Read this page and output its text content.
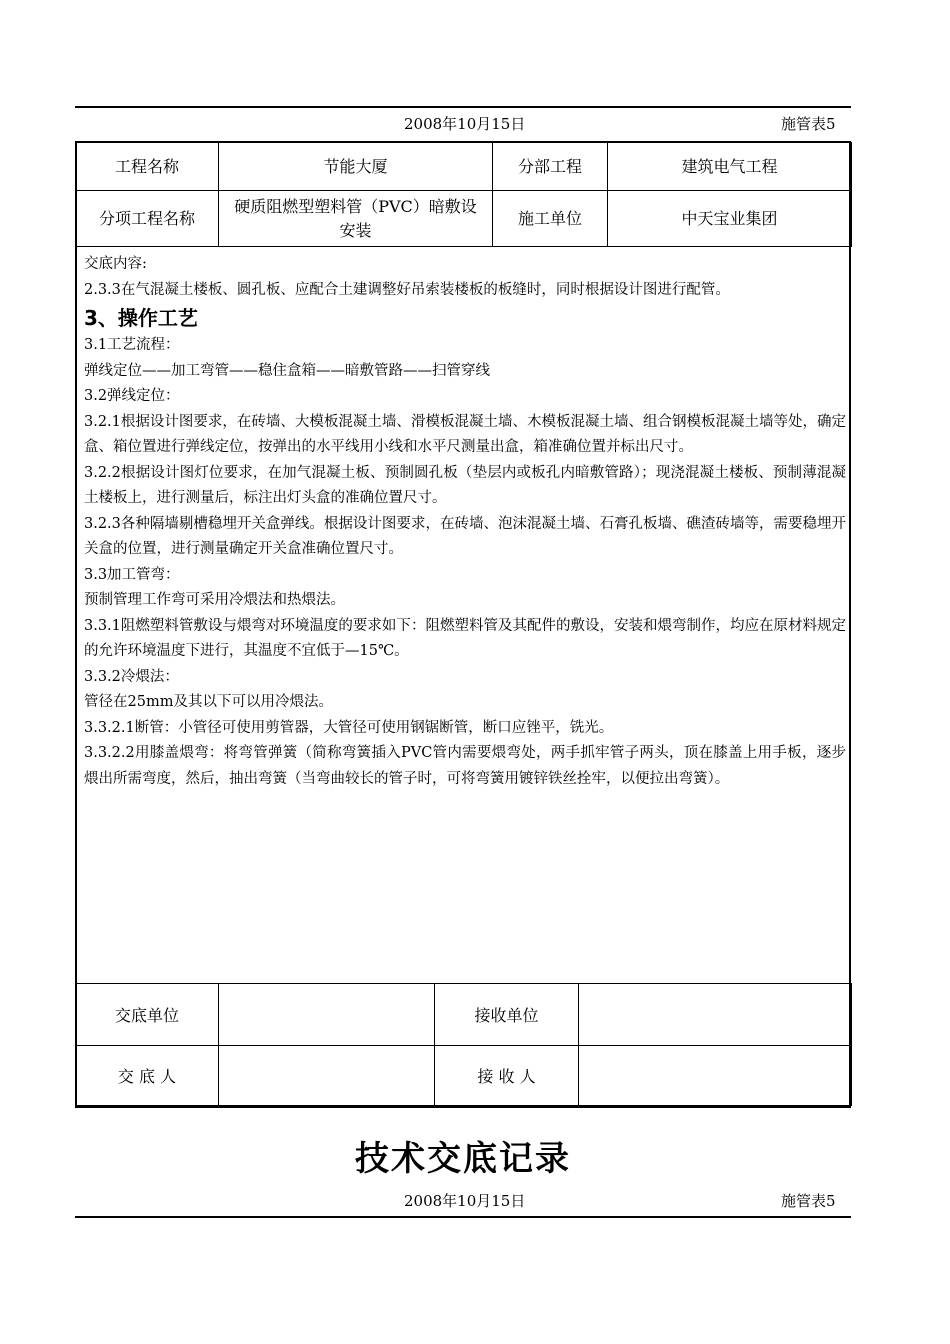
2008年10月15日	施管表5
工程名称	节能大厦	分部工程	建筑电气工程
分项工程名称	硬质阻燃型塑料管（PVC）暗敷设安装	施工单位	中天宝业集团

交底内容:

2.3.3在气混凝土楼板、圆孔板、应配合土建调整好吊索装楼板的板缝时，同时根据设计图进行配管。

3、操作工艺

3.1工艺流程：

弹线定位——加工弯管——稳住盒箱——暗敷管路——扫管穿线

3.2弹线定位：

3.2.1根据设计图要求，在砖墙、大模板混凝土墙、滑模板混凝土墙、木模板混凝土墙、组合钢模板混凝土墙等处，确定盒、箱位置进行弹线定位，按弹出的水平线用小线和水平尺测量出盒，箱准确位置并标出尺寸。

3.2.2根据设计图灯位要求，在加气混凝土板、预制圆孔板（垫层内或板孔内暗敷管路）；现浇混凝土楼板、预制薄混凝土楼板上，进行测量后，标注出灯头盒的准确位置尺寸。

3.2.3各种隔墙剔槽稳埋开关盒弹线。根据设计图要求，在砖墙、泡沫混凝土墙、石膏孔板墙、礁渣砖墙等，需要稳埋开关盒的位置，进行测量确定开关盒准确位置尺寸。

3.3加工管弯：

预制管理工作弯可采用冷煨法和热煨法。

3.3.1阻燃塑料管敷设与煨弯对环境温度的要求如下：阻燃塑料管及其配件的敷设，安装和煨弯制作，均应在原材料规定的允许环境温度下进行，其温度不宜低于—15℃。

3.3.2冷煨法：

管径在25mm及其以下可以用冷煨法。

3.3.2.1断管：小管径可使用剪管器，大管径可使用钢锯断管，断口应锉平，铣光。

3.3.2.2用膝盖煨弯：将弯管弹簧（简称弯簧插入PVC管内需要煨弯处，两手抓牢管子两头，顶在膝盖上用手板，逐步煨出所需弯度，然后，抽出弯簧（当弯曲较长的管子时，可将弯簧用镀锌铁丝拴牢，以便拉出弯簧）。

交底单位		接收单位	
交 底 人		接 收 人	
技术交底记录
2008年10月15日	施管表5
